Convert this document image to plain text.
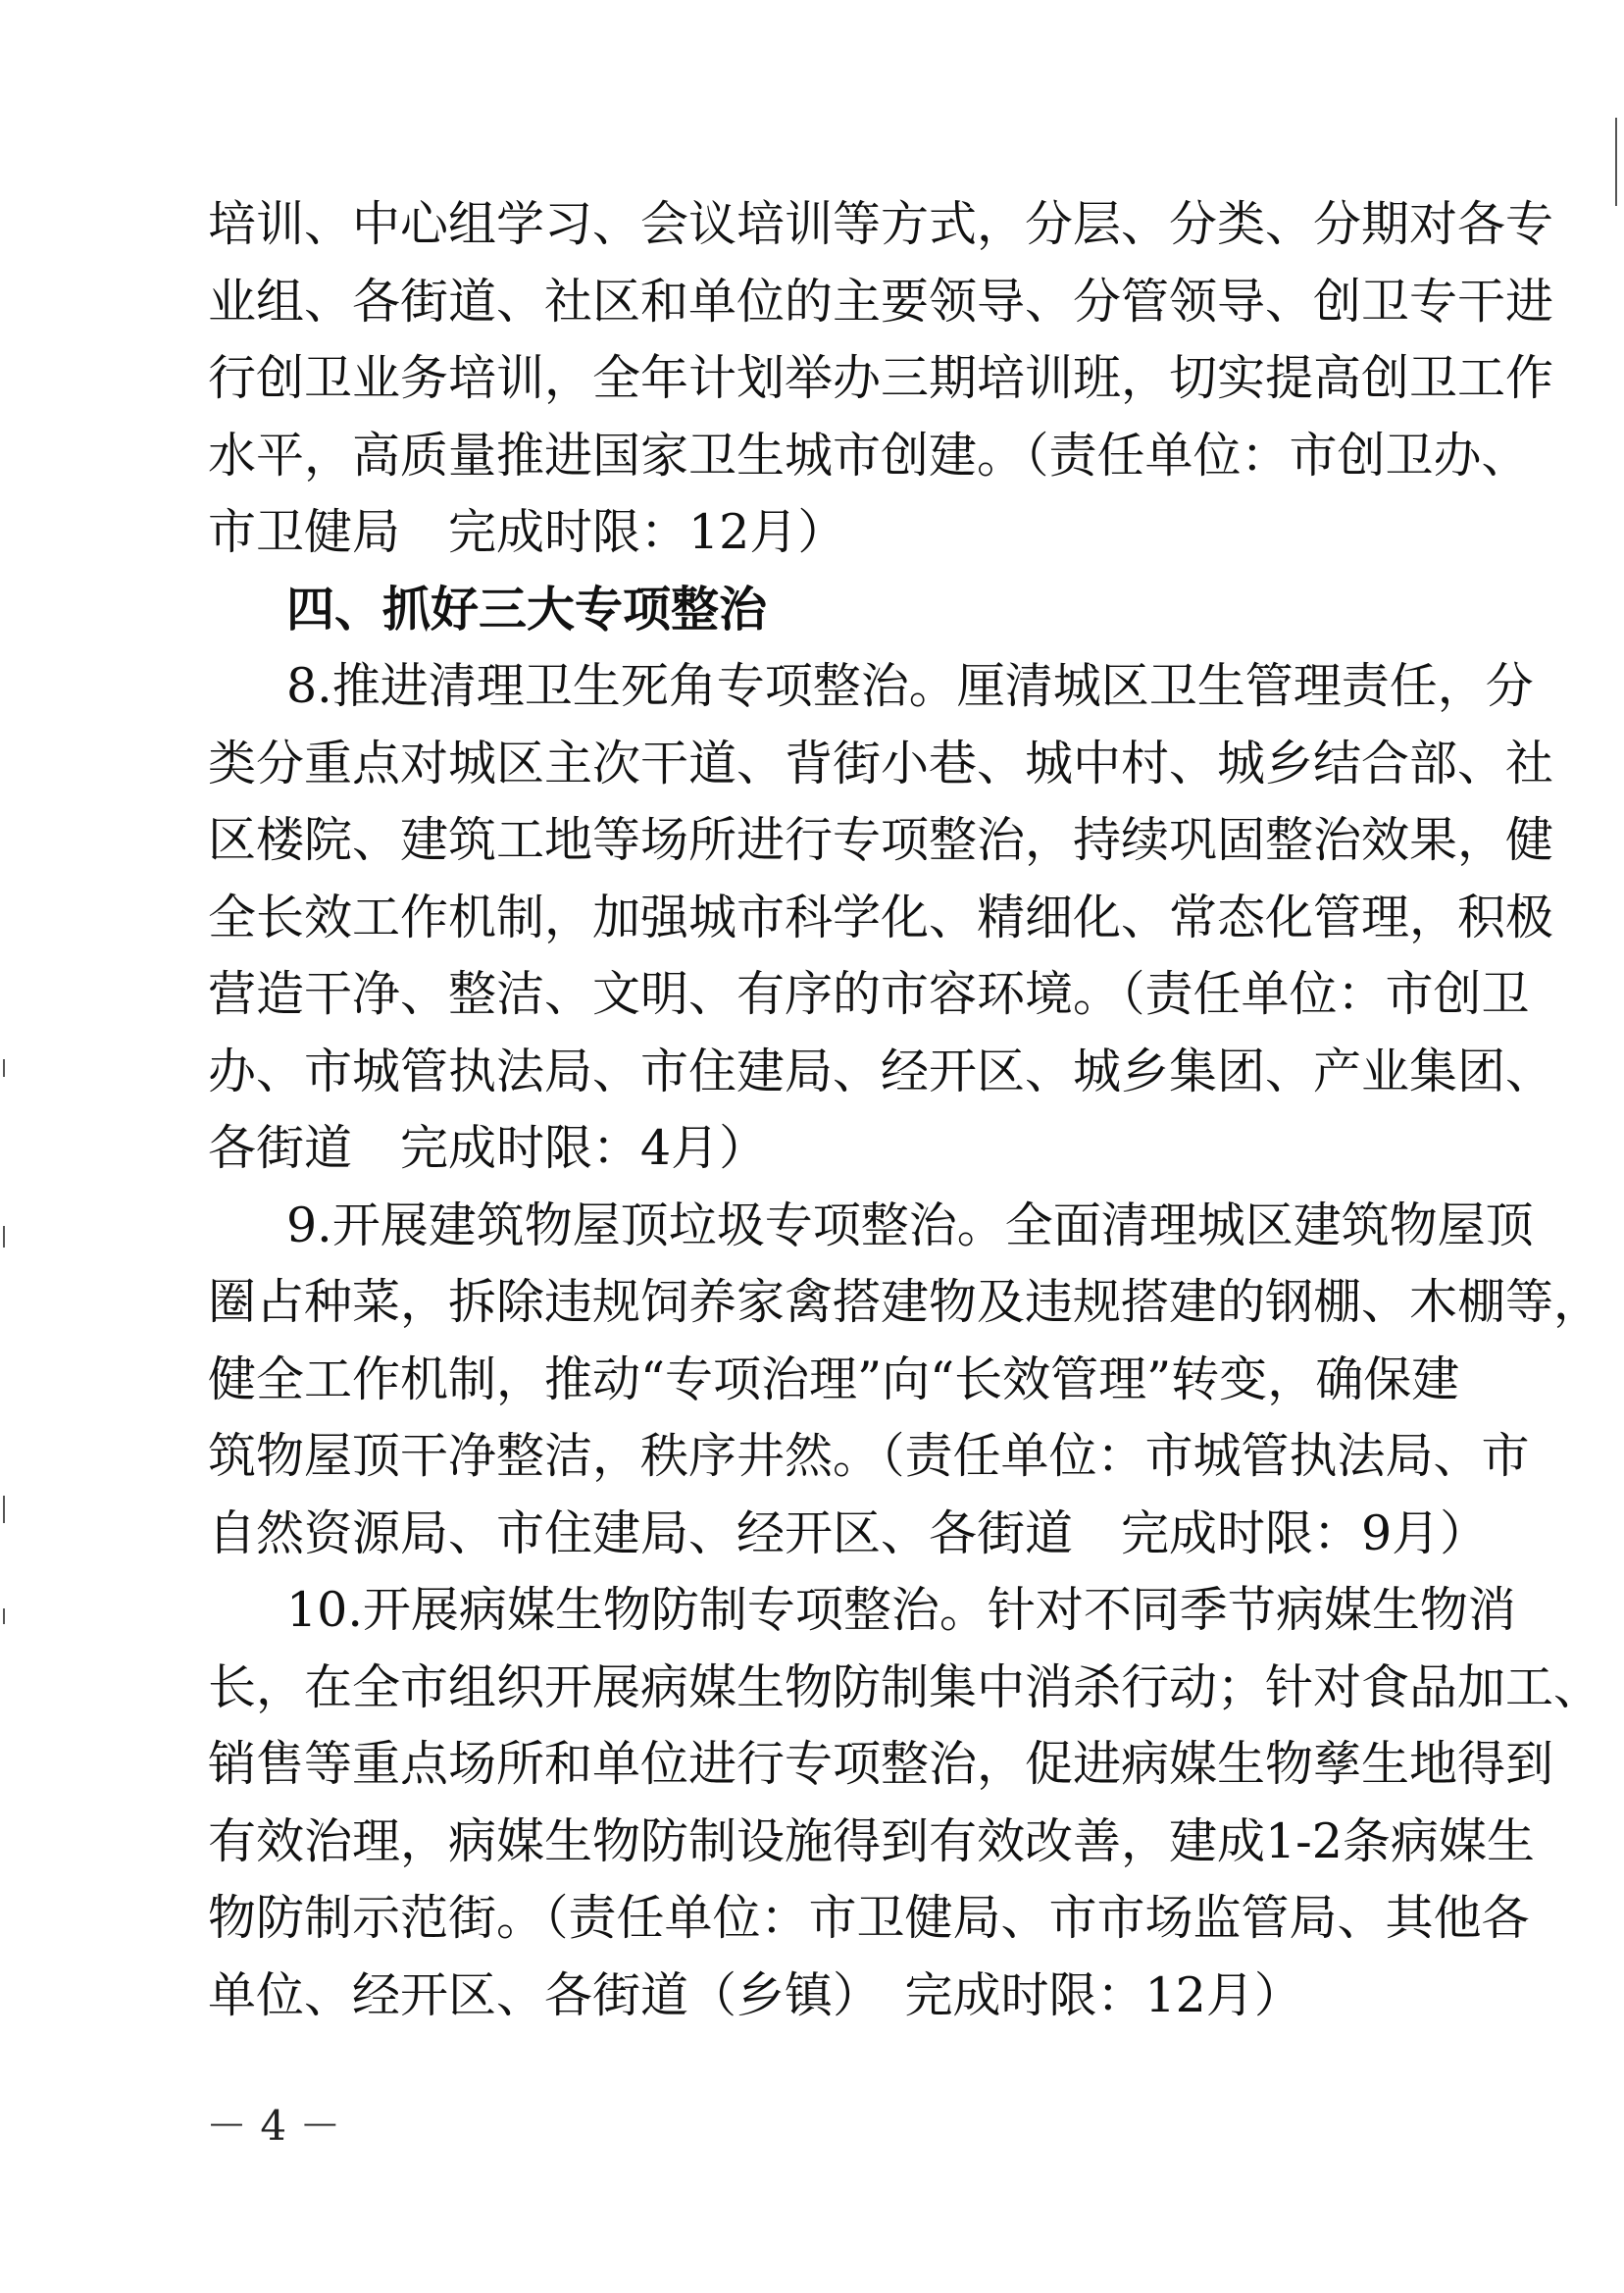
培训、中心组学习、会议培训等方式，分层、分类、分期对各专
业组、各街道、社区和单位的主要领导、分管领导、创卫专干进
行创卫业务培训，全年计划举办三期培训班，切实提高创卫工作
水平，高质量推进国家卫生城市创建。（责任单位：市创卫办、
市卫健局　完成时限：12月）
四、抓好三大专项整治
8.推进清理卫生死角专项整治。厘清城区卫生管理责任，分
类分重点对城区主次干道、背街小巷、城中村、城乡结合部、社
区楼院、建筑工地等场所进行专项整治，持续巩固整治效果，健
全长效工作机制，加强城市科学化、精细化、常态化管理，积极
营造干净、整洁、文明、有序的市容环境。（责任单位：市创卫
办、市城管执法局、市住建局、经开区、城乡集团、产业集团、
各街道　完成时限：4月）
9.开展建筑物屋顶垃圾专项整治。全面清理城区建筑物屋顶
圈占种菜，拆除违规饲养家禽搭建物及违规搭建的钢棚、木棚等，
健全工作机制，推动“专项治理”向“长效管理”转变，确保建
筑物屋顶干净整洁，秩序井然。（责任单位：市城管执法局、市
自然资源局、市住建局、经开区、各街道　完成时限：9月）
10.开展病媒生物防制专项整治。针对不同季节病媒生物消
长，在全市组织开展病媒生物防制集中消杀行动；针对食品加工、
销售等重点场所和单位进行专项整治，促进病媒生物孳生地得到
有效治理，病媒生物防制设施得到有效改善，建成1-2条病媒生
物防制示范街。（责任单位：市卫健局、市市场监管局、其他各
单位、经开区、各街道（乡镇）　完成时限：12月）
－ 4 －
